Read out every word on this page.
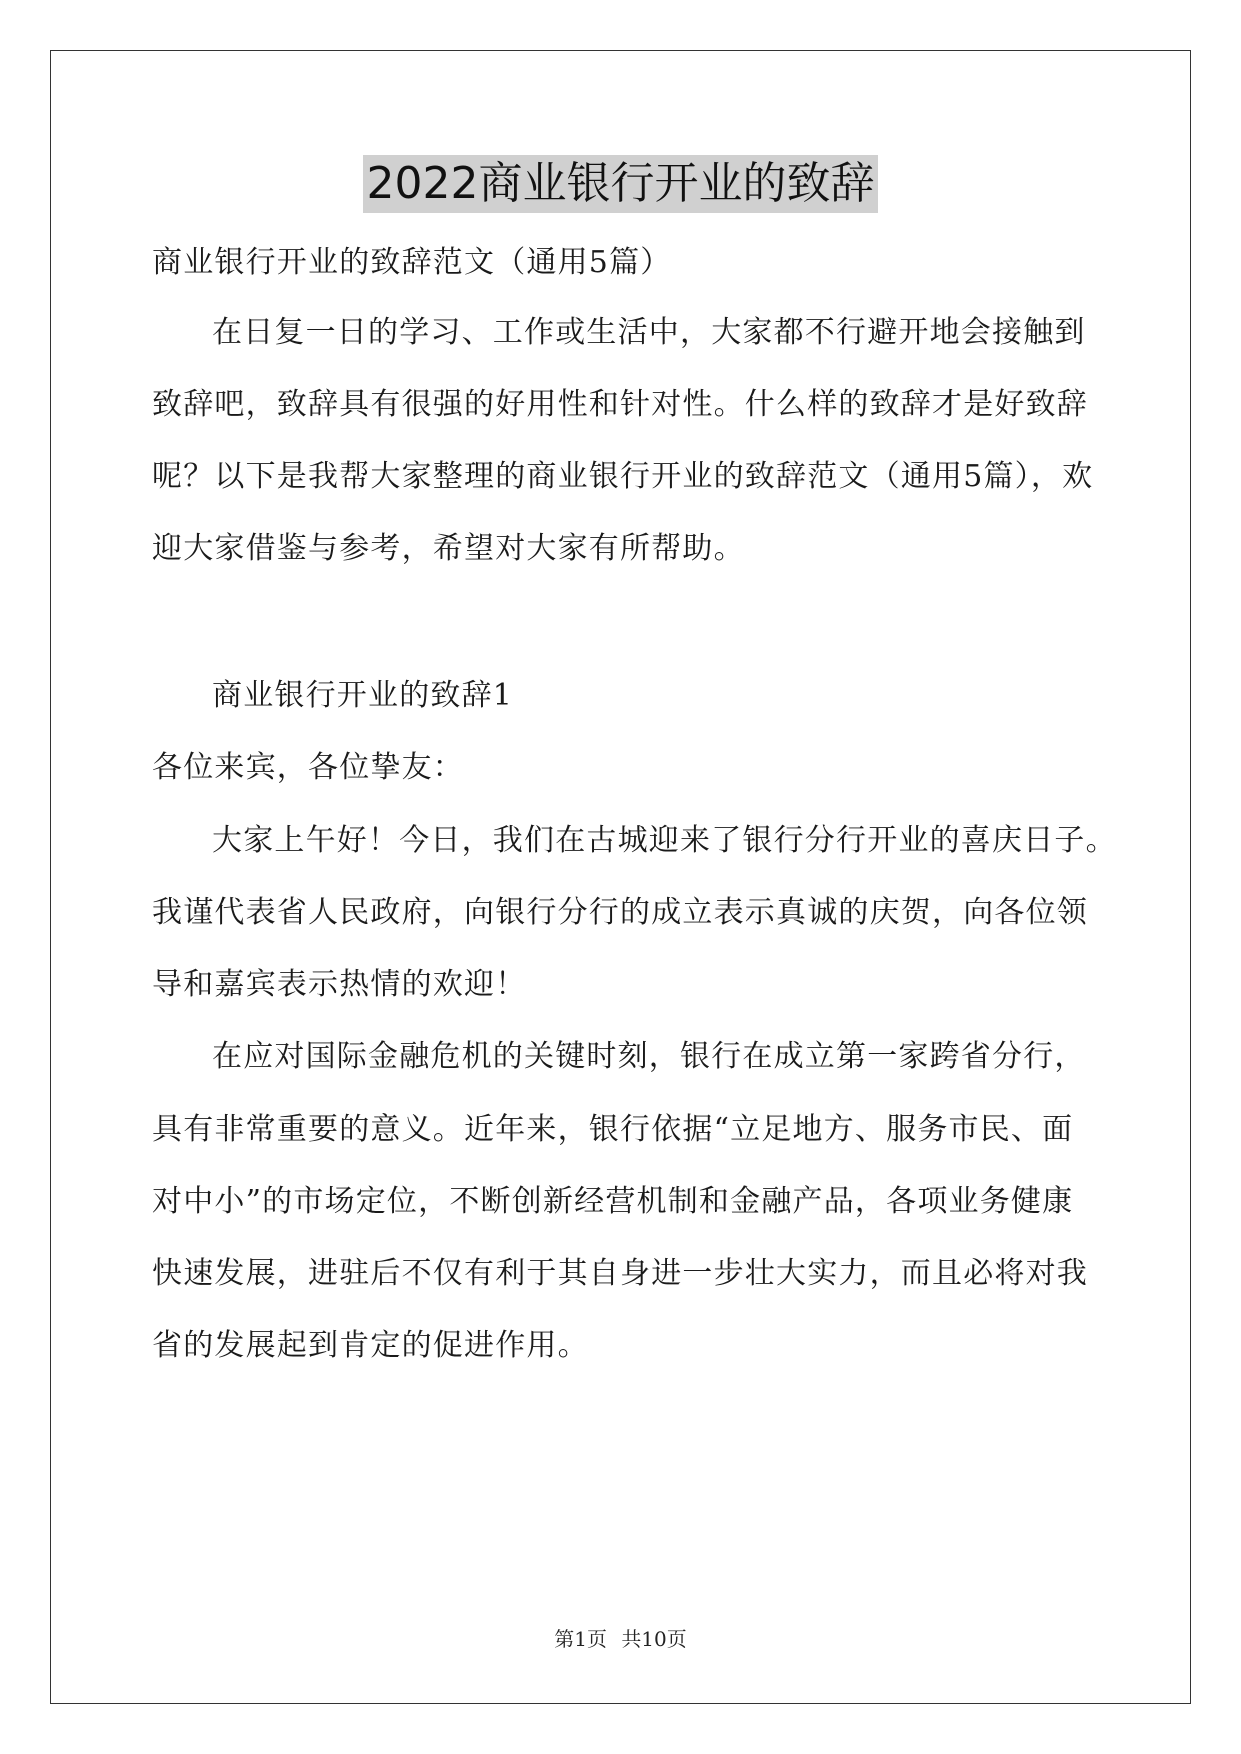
2022商业银行开业的致辞
商业银行开业的致辞范文（通用5篇）
在日复一日的学习、工作或生活中，大家都不行避开地会接触到
致辞吧，致辞具有很强的好用性和针对性。什么样的致辞才是好致辞
呢？以下是我帮大家整理的商业银行开业的致辞范文（通用5篇），欢
迎大家借鉴与参考，希望对大家有所帮助。
商业银行开业的致辞1
各位来宾，各位挚友：
大家上午好！今日，我们在古城迎来了银行分行开业的喜庆日子。
我谨代表省人民政府，向银行分行的成立表示真诚的庆贺，向各位领
导和嘉宾表示热情的欢迎！
在应对国际金融危机的关键时刻，银行在成立第一家跨省分行，
具有非常重要的意义。近年来，银行依据“立足地方、服务市民、面
对中小”的市场定位，不断创新经营机制和金融产品，各项业务健康
快速发展，进驻后不仅有利于其自身进一步壮大实力，而且必将对我
省的发展起到肯定的促进作用。
第1页 共10页
